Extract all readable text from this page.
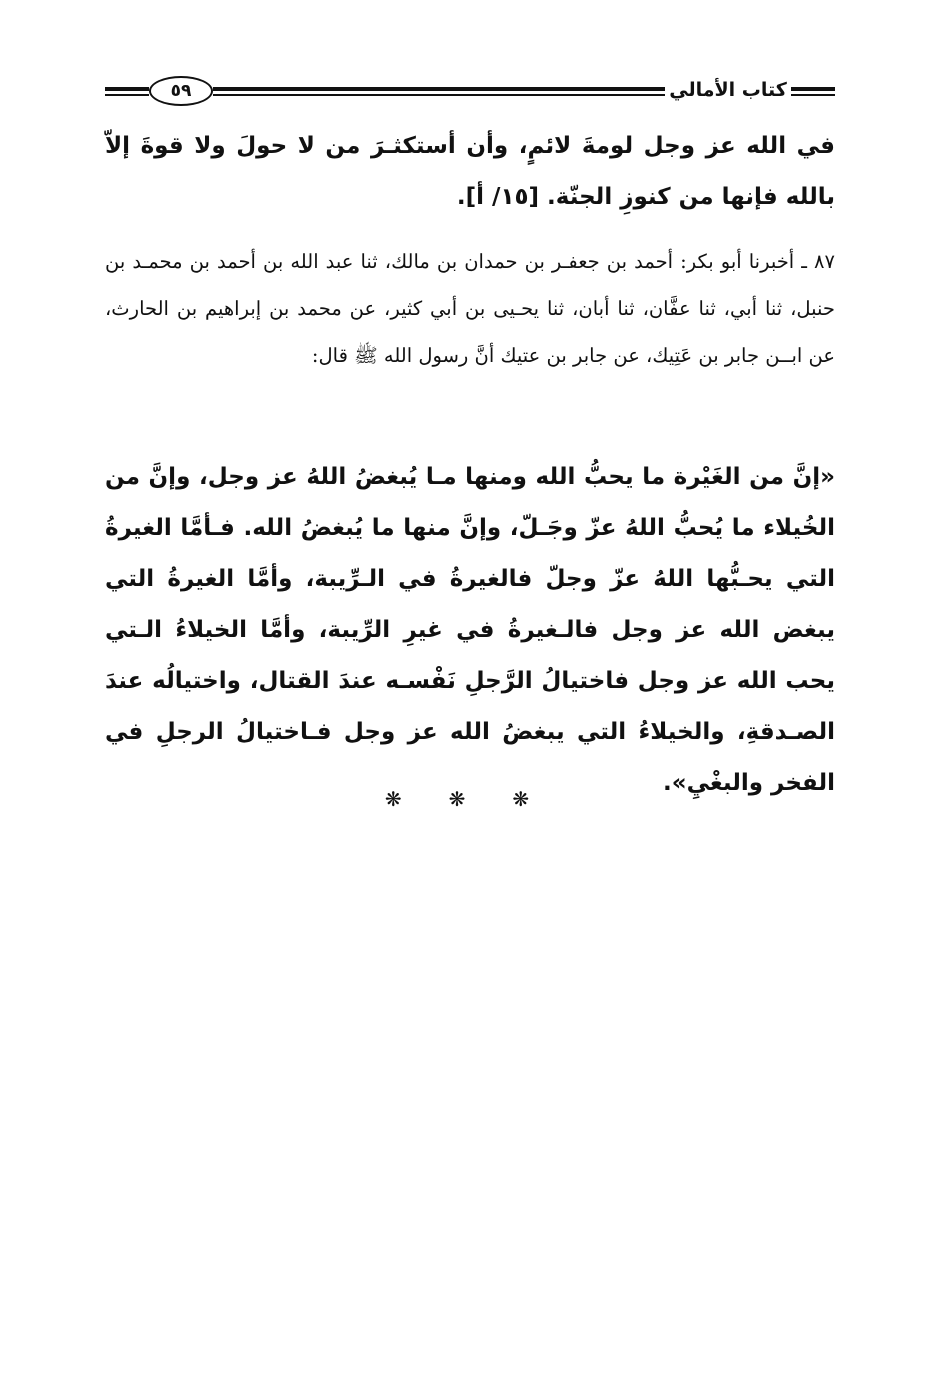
٥٩	كتاب الأمالي

في الله عز وجل لومةَ لائمٍ، وأن أستكثـرَ من لا حولَ ولا قوةَ إلاّ بالله فإنها من كنوزِ الجنّة. [١٥/ أ].

٨٧ ـ أخبرنا أبو بكر: أحمد بن جعفـر بن حمدان بن مالك، ثنا عبد الله بن أحمد بن محمـد بن حنبل، ثنا أبي، ثنا عفَّان، ثنا أبان، ثنا يحـيى بن أبي كثير، عن محمد بن إبراهيم بن الحارث، عن ابــن جابر بن عَتِيك، عن جابر بن عتيك أنَّ رسول الله ﷺ قال:

«إنَّ من الغَيْرة ما يحبُّ الله ومنها مـا يُبغضُ اللهُ عز وجل، وإنَّ من الخُيلاء ما يُحبُّ اللهُ عزّ وجَـلّ، وإنَّ منها ما يُبغضُ الله. فـأمَّا الغيرةُ التي يحـبُّها اللهُ عزّ وجلّ فالغيرةُ في الـرِّيبة، وأمَّا الغيرةُ التي يبغض الله عز وجل فالـغيرةُ في غيرِ الرِّيبة، وأمَّا الخيلاءُ الـتي يحب الله عز وجل فاختيالُ الرَّجلِ نَفْسـه عندَ القتال، واختيالُه عندَ الصـدقةِ، والخيلاءُ التي يبغضُ الله عز وجل فـاختيالُ الرجلِ في الفخر والبغْيِ».

❋ ❋ ❋
